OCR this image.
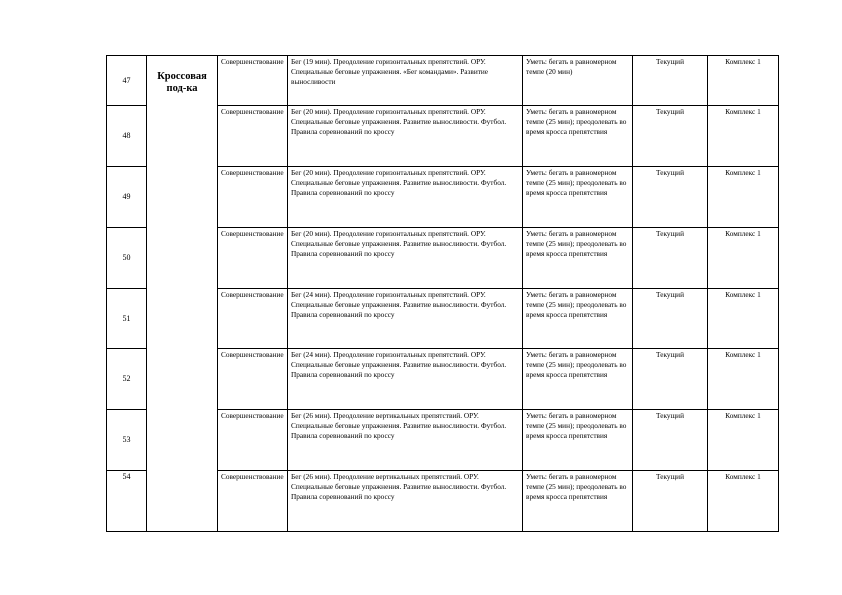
47	Кроссовая под-ка	Совершенствование	Бег (19 мин). Преодоление горизонтальных препятствий. ОРУ. Специальные беговые упражнения. «Бег командами». Развитие выносливости	Уметь: бегать в равномерном темпе (20 мин)	Текущий	Комплекс 1
48		Совершенствование	Бег (20 мин). Преодоление горизонтальных препятствий. ОРУ. Специальные беговые упражнения. Развитие выносливости. Футбол. Правила соревнований по кроссу	Уметь: бегать в равномерном темпе (25 мин); преодолевать во время кросса препятствия	Текущий	Комплекс 1
49		Совершенствование	Бег (20 мин). Преодоление горизонтальных препятствий. ОРУ. Специальные беговые упражнения. Развитие выносливости. Футбол. Правила соревнований по кроссу	Уметь: бегать в равномерном темпе (25 мин); преодолевать во время кросса препятствия	Текущий	Комплекс 1
50		Совершенствование	Бег (20 мин). Преодоление горизонтальных препятствий. ОРУ. Специальные беговые упражнения. Развитие выносливости. Футбол. Правила соревнований по кроссу	Уметь: бегать в равномерном темпе (25 мин); преодолевать во время кросса препятствия	Текущий	Комплекс 1
51		Совершенствование	Бег (24 мин). Преодоление горизонтальных препятствий. ОРУ. Специальные беговые упражнения. Развитие выносливости. Футбол. Правила соревнований по кроссу	Уметь: бегать в равномерном темпе (25 мин); преодолевать во время кросса препятствия	Текущий	Комплекс 1
52		Совершенствование	Бег (24 мин). Преодоление горизонтальных препятствий. ОРУ. Специальные беговые упражнения. Развитие выносливости. Футбол. Правила соревнований по кроссу	Уметь: бегать в равномерном темпе (25 мин); преодолевать во время кросса препятствия	Текущий	Комплекс 1
53		Совершенствование	Бег (26 мин). Преодоление вертикальных препятствий. ОРУ. Специальные беговые упражнения. Развитие выносливости. Футбол. Правила соревнований по кроссу	Уметь: бегать в равномерном темпе (25 мин); преодолевать во время кросса препятствия	Текущий	Комплекс 1
54		Совершенствование	Бег (26 мин). Преодоление вертикальных препятствий. ОРУ. Специальные беговые упражнения. Развитие выносливости. Футбол. Правила соревнований по кроссу	Уметь: бегать в равномерном темпе (25 мин); преодолевать во время кросса препятствия	Текущий	Комплекс 1
